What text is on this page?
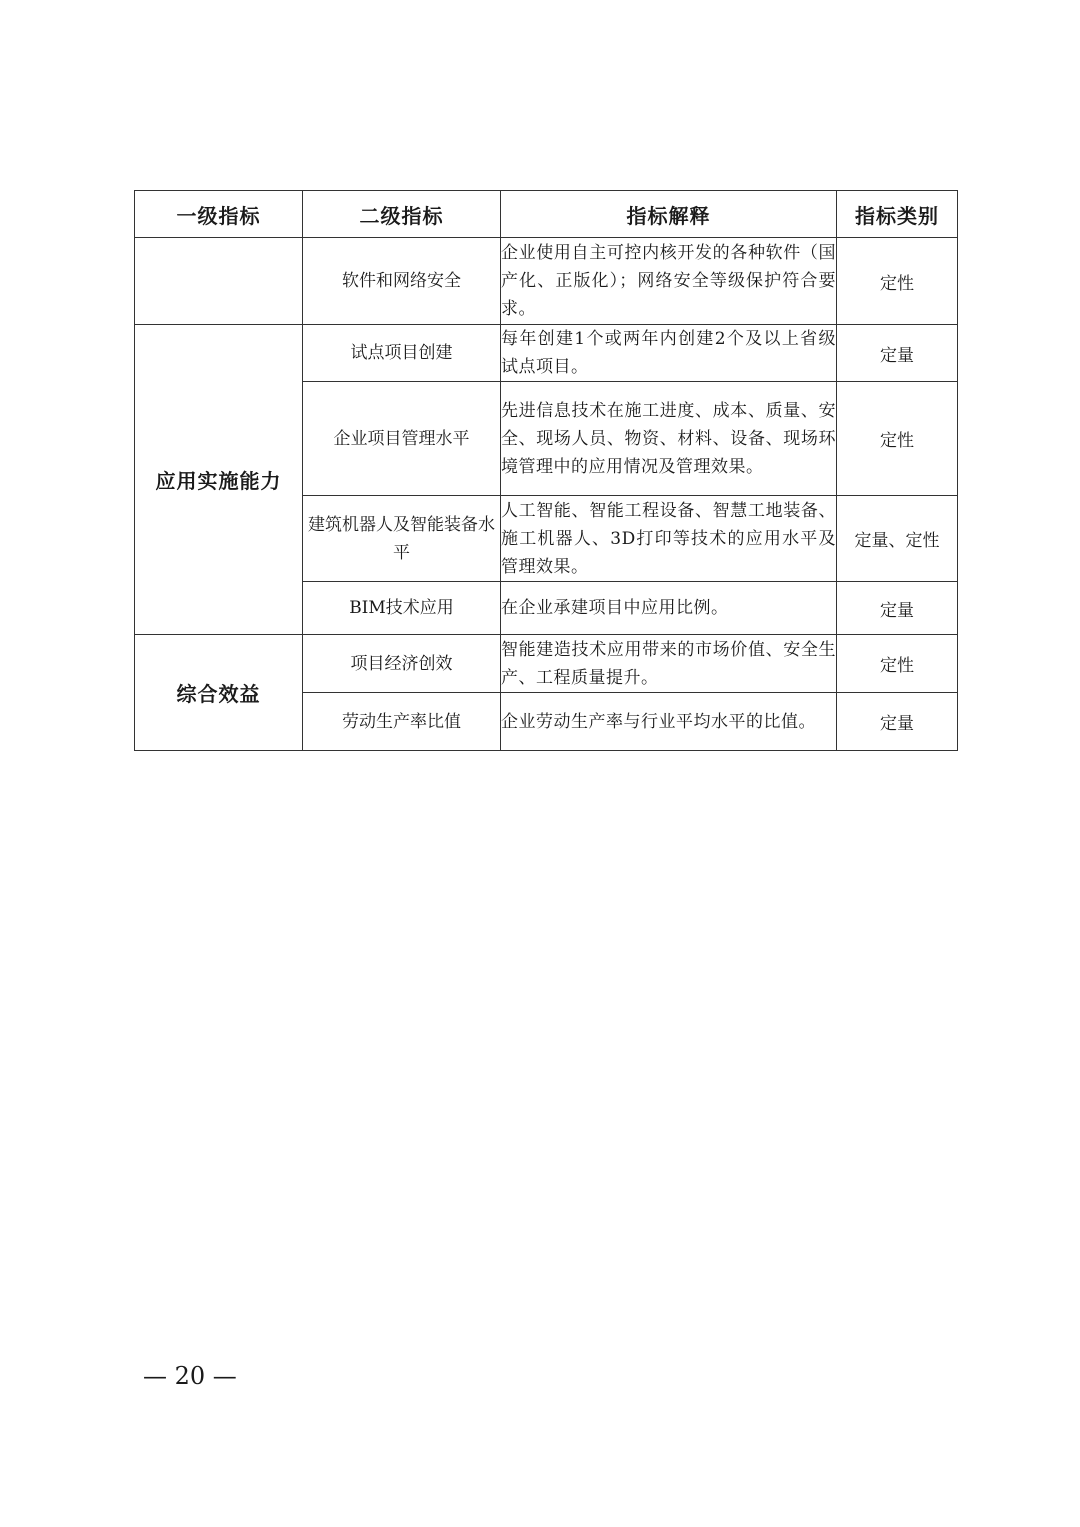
一级指标	二级指标	指标解释	指标类别
	软件和网络安全	企业使用自主可控内核开发的各种软件（国产化、正版化）；网络安全等级保护符合要求。	定性
应用实施能力	试点项目创建	每年创建1个或两年内创建2个及以上省级试点项目。	定量
	企业项目管理水平	先进信息技术在施工进度、成本、质量、安全、现场人员、物资、材料、设备、现场环境管理中的应用情况及管理效果。	定性
	建筑机器人及智能装备水平	人工智能、智能工程设备、智慧工地装备、施工机器人、3D打印等技术的应用水平及管理效果。	定量、定性
	BIM技术应用	在企业承建项目中应用比例。	定量
综合效益	项目经济创效	智能建造技术应用带来的市场价值、安全生产、工程质量提升。	定性
	劳动生产率比值	企业劳动生产率与行业平均水平的比值。	定量
— 20 —
